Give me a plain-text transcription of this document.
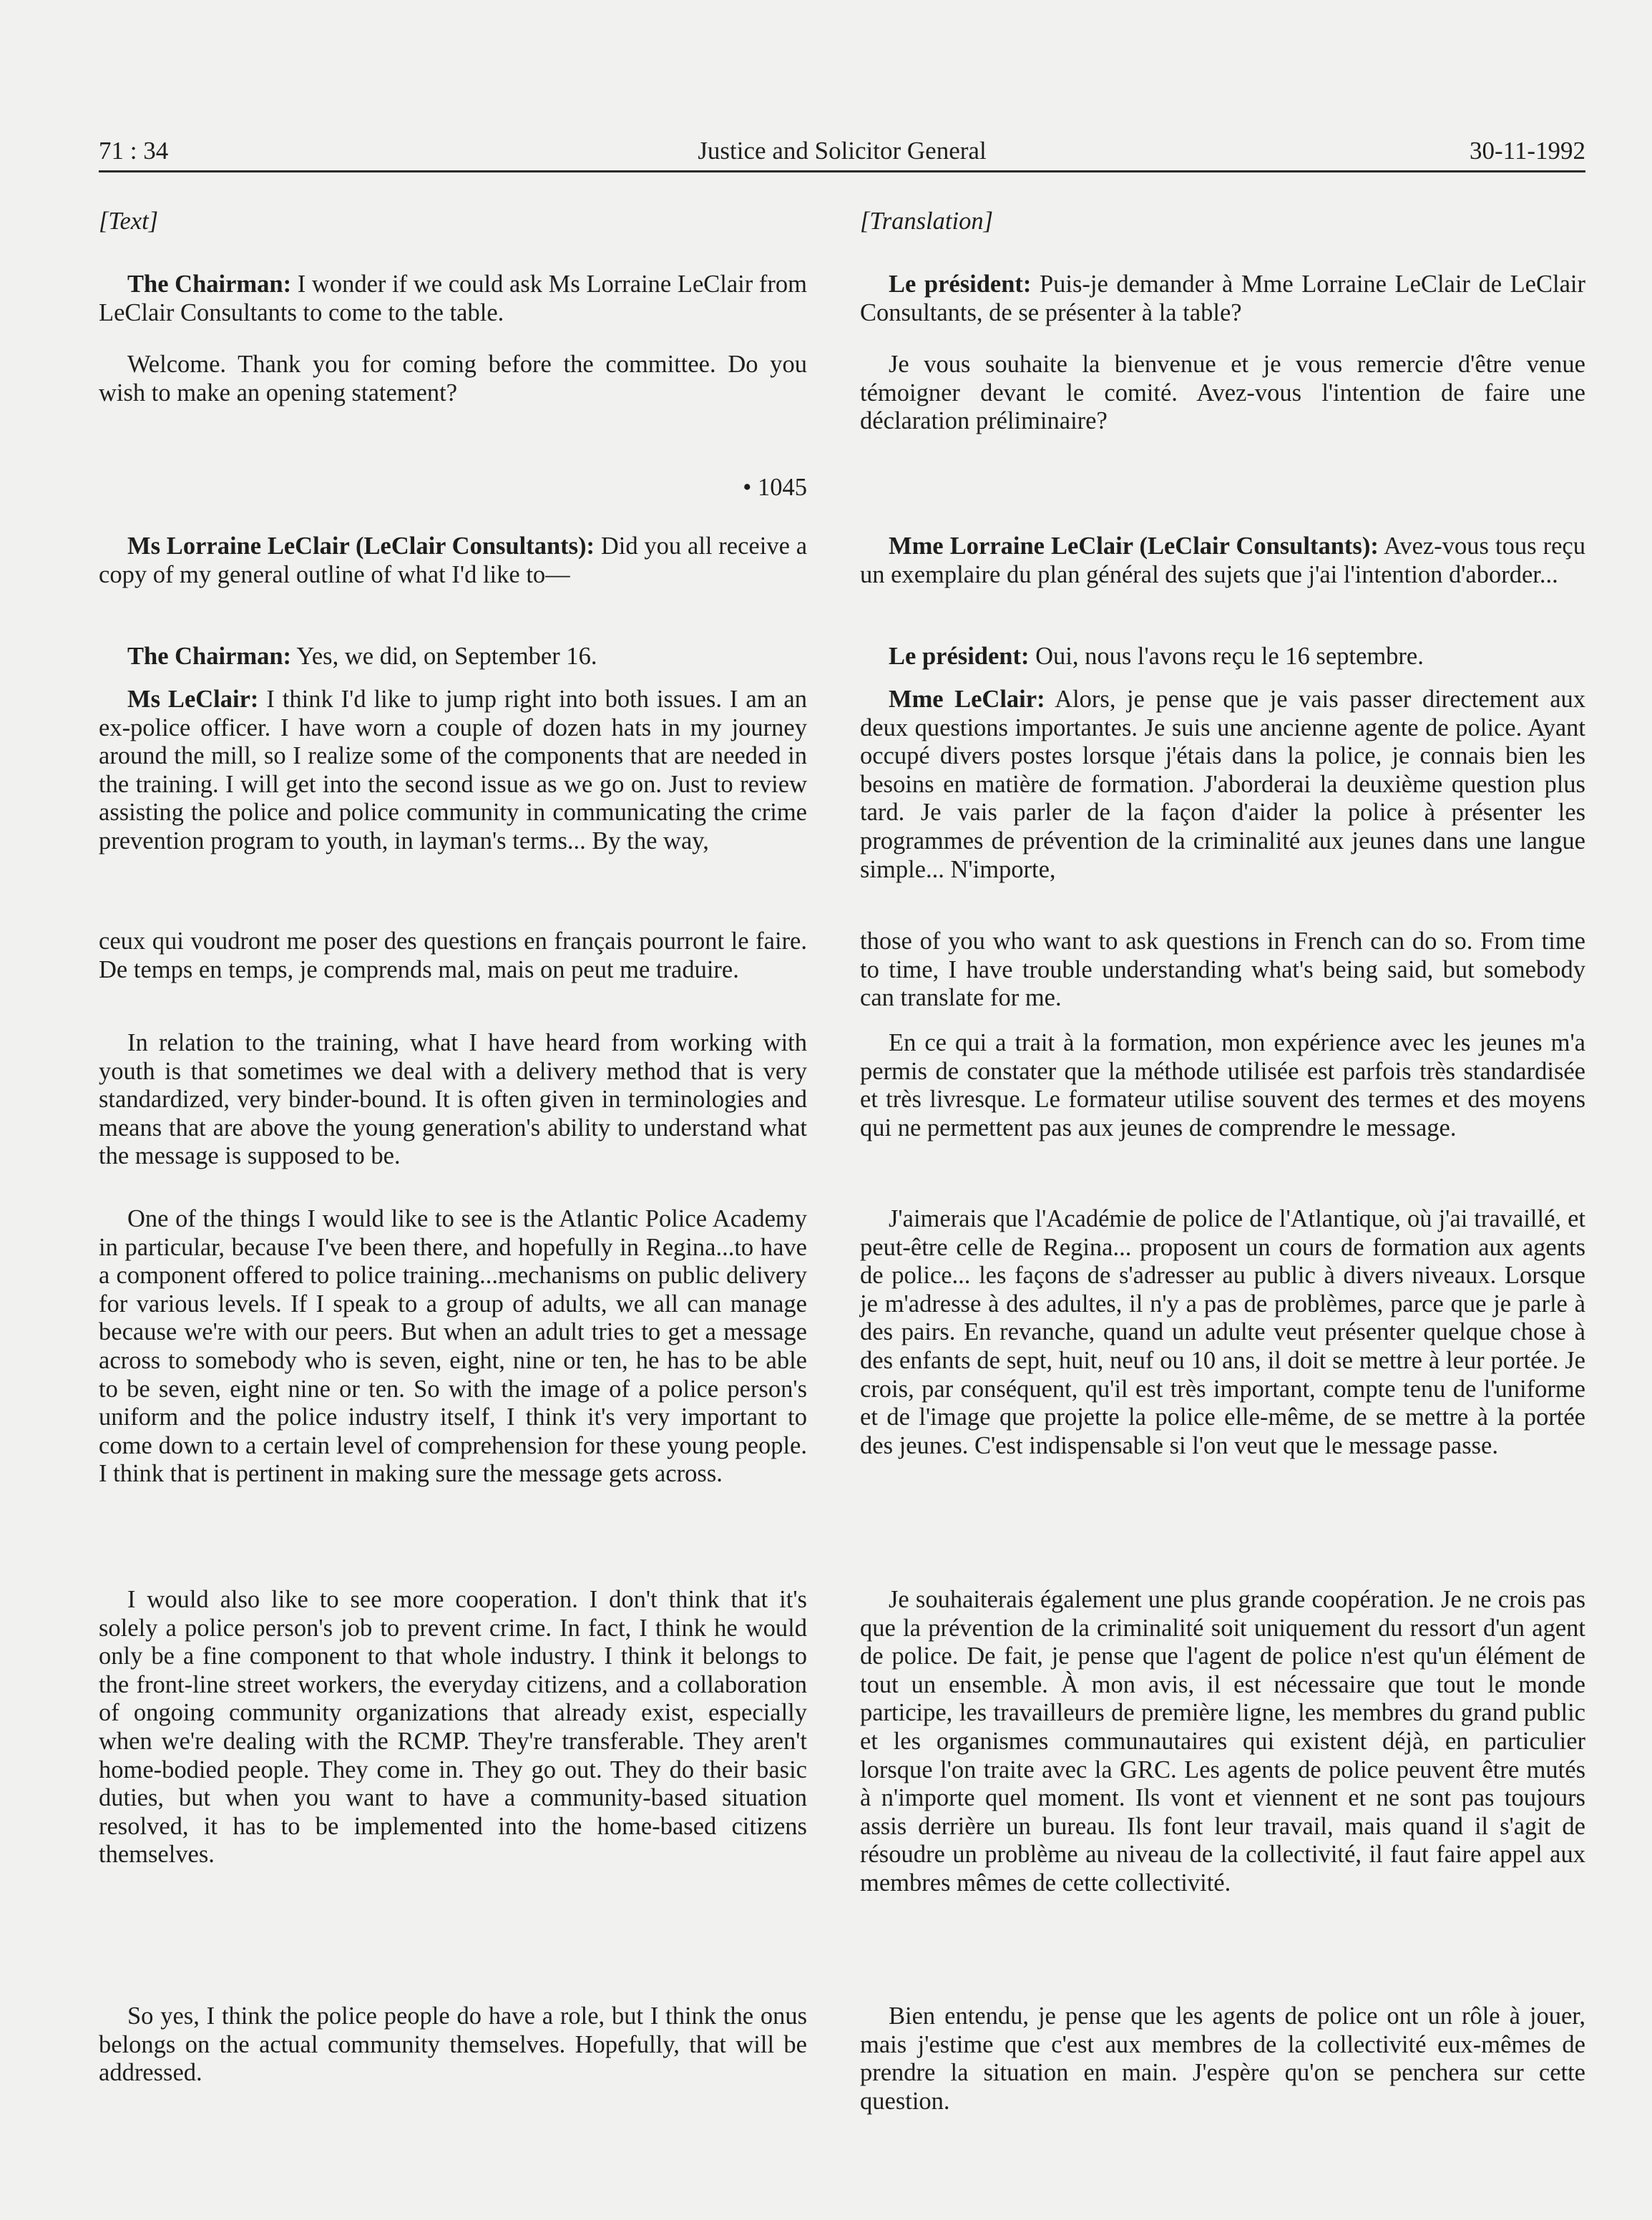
71 : 34	Justice and Solicitor General	30-11-1992

[Text]

The Chairman: I wonder if we could ask Ms Lorraine LeClair from LeClair Consultants to come to the table.

Welcome. Thank you for coming before the committee. Do you wish to make an opening statement?

• 1045

Ms Lorraine LeClair (LeClair Consultants): Did you all receive a copy of my general outline of what I'd like to—

The Chairman: Yes, we did, on September 16.

Ms LeClair: I think I'd like to jump right into both issues. I am an ex-police officer. I have worn a couple of dozen hats in my journey around the mill, so I realize some of the components that are needed in the training. I will get into the second issue as we go on. Just to review assisting the police and police community in communicating the crime prevention program to youth, in layman's terms... By the way,

ceux qui voudront me poser des questions en français pourront le faire. De temps en temps, je comprends mal, mais on peut me traduire.

In relation to the training, what I have heard from working with youth is that sometimes we deal with a delivery method that is very standardized, very binder-bound. It is often given in terminologies and means that are above the young generation's ability to understand what the message is supposed to be.

One of the things I would like to see is the Atlantic Police Academy in particular, because I've been there, and hopefully in Regina...to have a component offered to police training...mechanisms on public delivery for various levels. If I speak to a group of adults, we all can manage because we're with our peers. But when an adult tries to get a message across to somebody who is seven, eight, nine or ten, he has to be able to be seven, eight nine or ten. So with the image of a police person's uniform and the police industry itself, I think it's very important to come down to a certain level of comprehension for these young people. I think that is pertinent in making sure the message gets across.

I would also like to see more cooperation. I don't think that it's solely a police person's job to prevent crime. In fact, I think he would only be a fine component to that whole industry. I think it belongs to the front-line street workers, the everyday citizens, and a collaboration of ongoing community organizations that already exist, especially when we're dealing with the RCMP. They're transferable. They aren't home-bodied people. They come in. They go out. They do their basic duties, but when you want to have a community-based situation resolved, it has to be implemented into the home-based citizens themselves.

So yes, I think the police people do have a role, but I think the onus belongs on the actual community themselves. Hopefully, that will be addressed.

[Translation]

Le président: Puis-je demander à Mme Lorraine LeClair de LeClair Consultants, de se présenter à la table?

Je vous souhaite la bienvenue et je vous remercie d'être venue témoigner devant le comité. Avez-vous l'intention de faire une déclaration préliminaire?

Mme Lorraine LeClair (LeClair Consultants): Avez-vous tous reçu un exemplaire du plan général des sujets que j'ai l'intention d'aborder...

Le président: Oui, nous l'avons reçu le 16 septembre.

Mme LeClair: Alors, je pense que je vais passer directement aux deux questions importantes. Je suis une ancienne agente de police. Ayant occupé divers postes lorsque j'étais dans la police, je connais bien les besoins en matière de formation. J'aborderai la deuxième question plus tard. Je vais parler de la façon d'aider la police à présenter les programmes de prévention de la criminalité aux jeunes dans une langue simple... N'importe,

those of you who want to ask questions in French can do so. From time to time, I have trouble understanding what's being said, but somebody can translate for me.

En ce qui a trait à la formation, mon expérience avec les jeunes m'a permis de constater que la méthode utilisée est parfois très standardisée et très livresque. Le formateur utilise souvent des termes et des moyens qui ne permettent pas aux jeunes de comprendre le message.

J'aimerais que l'Académie de police de l'Atlantique, où j'ai travaillé, et peut-être celle de Regina... proposent un cours de formation aux agents de police... les façons de s'adresser au public à divers niveaux. Lorsque je m'adresse à des adultes, il n'y a pas de problèmes, parce que je parle à des pairs. En revanche, quand un adulte veut présenter quelque chose à des enfants de sept, huit, neuf ou 10 ans, il doit se mettre à leur portée. Je crois, par conséquent, qu'il est très important, compte tenu de l'uniforme et de l'image que projette la police elle-même, de se mettre à la portée des jeunes. C'est indispensable si l'on veut que le message passe.

Je souhaiterais également une plus grande coopération. Je ne crois pas que la prévention de la criminalité soit uniquement du ressort d'un agent de police. De fait, je pense que l'agent de police n'est qu'un élément de tout un ensemble. À mon avis, il est nécessaire que tout le monde participe, les travailleurs de première ligne, les membres du grand public et les organismes communautaires qui existent déjà, en particulier lorsque l'on traite avec la GRC. Les agents de police peuvent être mutés à n'importe quel moment. Ils vont et viennent et ne sont pas toujours assis derrière un bureau. Ils font leur travail, mais quand il s'agit de résoudre un problème au niveau de la collectivité, il faut faire appel aux membres mêmes de cette collectivité.

Bien entendu, je pense que les agents de police ont un rôle à jouer, mais j'estime que c'est aux membres de la collectivité eux-mêmes de prendre la situation en main. J'espère qu'on se penchera sur cette question.
